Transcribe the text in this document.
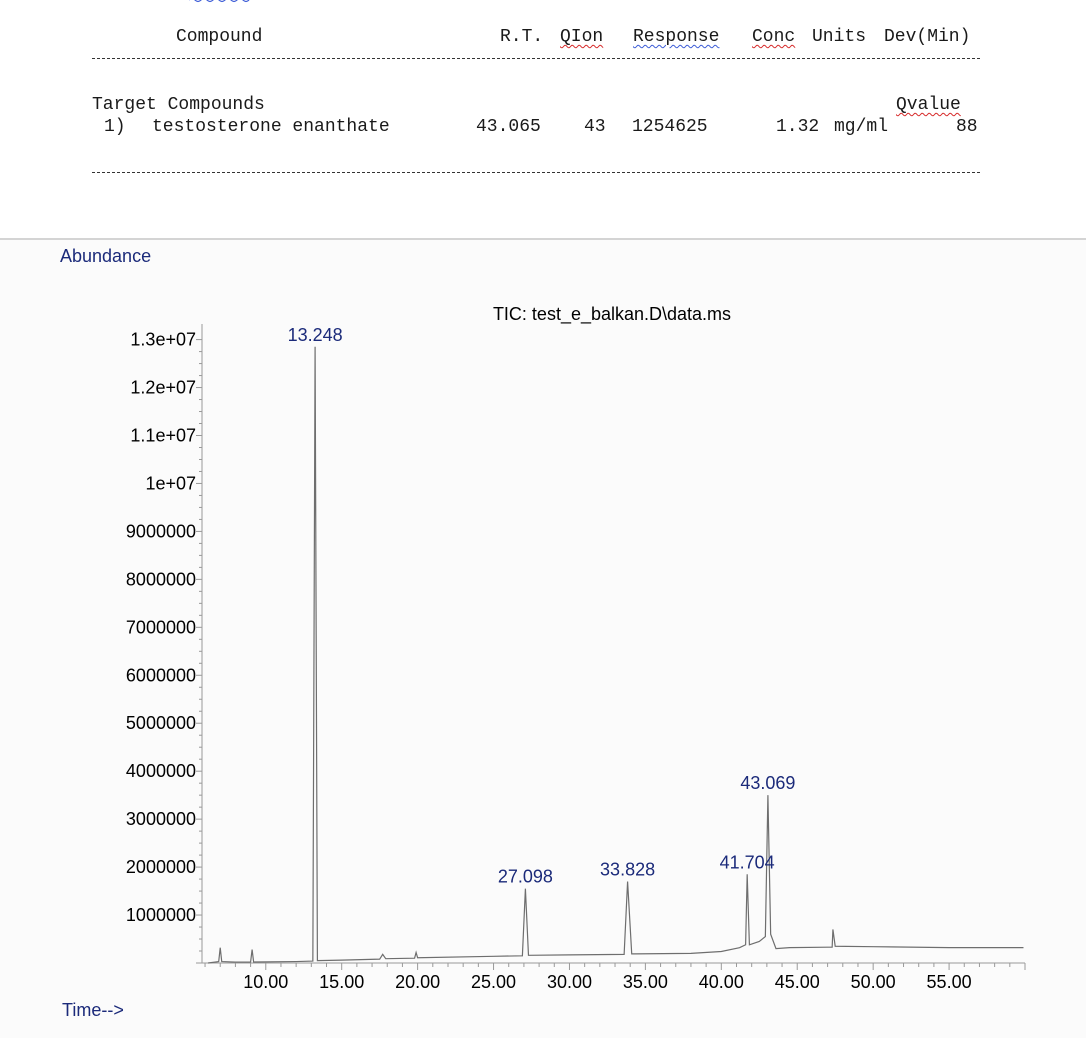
Compound	R.T. QIon Response Conc Units Dev(Min)
Target Compounds	Qvalue
1) testosterone enanthate	43.065 43 1254625	1.32 mg/ml	88
Abundance
Time-->
TIC: test_e_balkan.D\data.ms
1000000
2000000
3000000
4000000
5000000
6000000
7000000
8000000
9000000
1e+07
1.1e+07
1.2e+07
1.3e+07
10.00 15.00 20.00 25.00 30.00 35.00 40.00 45.00 50.00 55.00
13.248
27.098	33.828	41.704
43.069
